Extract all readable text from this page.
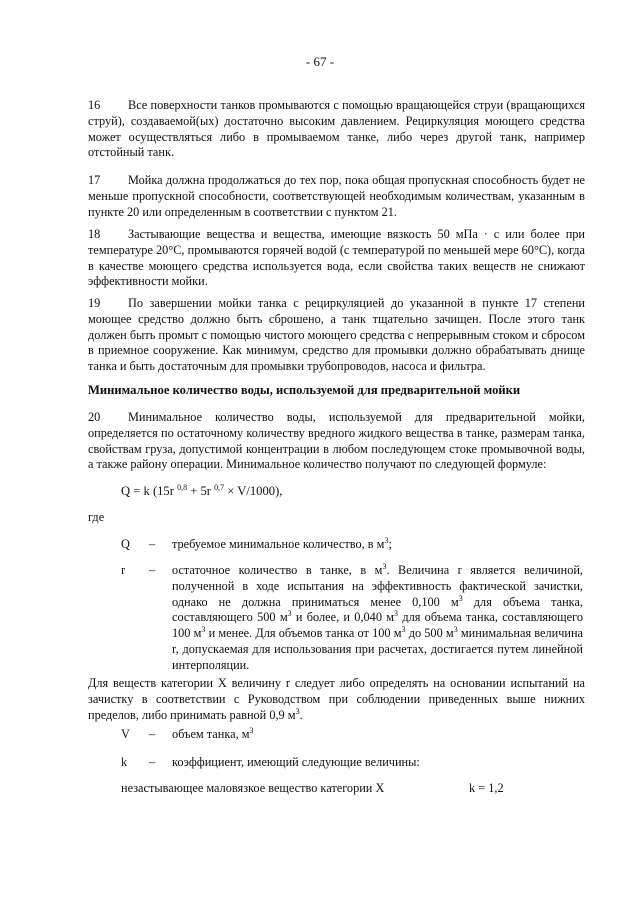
- 67 -
16 Все поверхности танков промываются с помощью вращающейся струи (вращающихся струй), создаваемой(ых) достаточно высоким давлением. Рециркуляция моющего средства может осуществляться либо в промываемом танке, либо через другой танк, например отстойный танк.
17 Мойка должна продолжаться до тех пор, пока общая пропускная способность будет не меньше пропускной способности, соответствующей необходимым количествам, указанным в пункте 20 или определенным в соответствии с пунктом 21.
18 Застывающие вещества и вещества, имеющие вязкость 50 мПа · с или более при температуре 20°C, промываются горячей водой (с температурой по меньшей мере 60°C), когда в качестве моющего средства используется вода, если свойства таких веществ не снижают эффективности мойки.
19 По завершении мойки танка с рециркуляцией до указанной в пункте 17 степени моющее средство должно быть сброшено, а танк тщательно зачищен. После этого танк должен быть промыт с помощью чистого моющего средства с непрерывным стоком и сбросом в приемное сооружение. Как минимум, средство для промывки должно обрабатывать днище танка и быть достаточным для промывки трубопроводов, насоса и фильтра.
Минимальное количество воды, используемой для предварительной мойки
20 Минимальное количество воды, используемой для предварительной мойки, определяется по остаточному количеству вредного жидкого вещества в танке, размерам танка, свойствам груза, допустимой концентрации в любом последующем стоке промывочной воды, а также району операции. Минимальное количество получают по следующей формуле:
Q = k (15r $^{0,8}$ + 5r $^{0,7}$ × V/1000),
где
Q	–	требуемое минимальное количество, в $м^3$;
r	–	остаточное количество в танке, в $м^3$. Величина r является величиной, полученной в ходе испытания на эффективность фактической зачистки, однако не должна приниматься менее 0,100 $м^3$ для объема танка, составляющего 500 $м^3$ и более, и 0,040 $м^3$ для объема танка, составляющего 100 $м^3$ и менее. Для объемов танка от 100 $м^3$ до 500 $м^3$ минимальная величина r, допускаемая для использования при расчетах, достигается путем линейной интерполяции.
Для веществ категории X величину r следует либо определять на основании испытаний на зачистку в соответствии с Руководством при соблюдении приведенных выше нижних пределов, либо принимать равной 0,9 $м^3$.
V	–	объем танка, $м^3$
k	–	коэффициент, имеющий следующие величины:
незастывающее маловязкое вещество категории X	k = 1,2
